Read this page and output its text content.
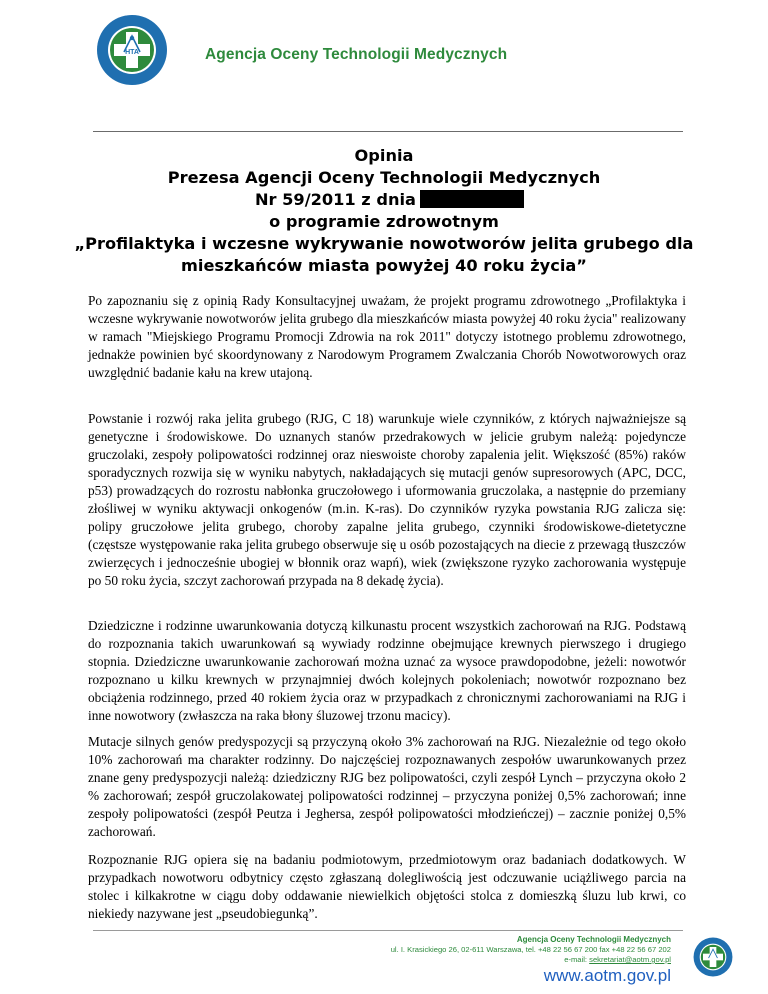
HTA	Agencja Oceny Technologii Medycznych
Opinia
Prezesa Agencji Oceny Technologii Medycznych
Nr 59/2011 z dnia
o programie zdrowotnym
„Profilaktyka i wczesne wykrywanie nowotworów jelita grubego dla
mieszkańców miasta powyżej 40 roku życia”
Po zapoznaniu się z opinią Rady Konsultacyjnej uważam, że projekt programu zdrowotnego „Profilaktyka i wczesne wykrywanie nowotworów jelita grubego dla mieszkańców miasta powyżej 40 roku życia" realizowany w ramach "Miejskiego Programu Promocji Zdrowia na rok 2011" dotyczy istotnego problemu zdrowotnego, jednakże powinien być skoordynowany z Narodowym Programem Zwalczania Chorób Nowotworowych oraz uwzględnić badanie kału na krew utajoną.
Powstanie i rozwój raka jelita grubego (RJG, C 18) warunkuje wiele czynników, z których najważniejsze są genetyczne i środowiskowe. Do uznanych stanów przedrakowych w jelicie grubym należą: pojedyncze gruczolaki, zespoły polipowatości rodzinnej oraz nieswoiste choroby zapalenia jelit. Większość (85%) raków sporadycznych rozwija się w wyniku nabytych, nakładających się mutacji genów supresorowych (APC, DCC, p53) prowadzących do rozrostu nabłonka gruczołowego i uformowania gruczolaka, a następnie do przemiany złośliwej w wyniku aktywacji onkogenów (m.in. K-ras). Do czynników ryzyka powstania RJG zalicza się: polipy gruczołowe jelita grubego, choroby zapalne jelita grubego, czynniki środowiskowe-dietetyczne (częstsze występowanie raka jelita grubego obserwuje się u osób pozostających na diecie z przewagą tłuszczów zwierzęcych i jednocześnie ubogiej w błonnik oraz wapń), wiek (zwiększone ryzyko zachorowania występuje po 50 roku życia, szczyt zachorowań przypada na 8 dekadę życia).
Dziedziczne i rodzinne uwarunkowania dotyczą kilkunastu procent wszystkich zachorowań na RJG. Podstawą do rozpoznania takich uwarunkowań są wywiady rodzinne obejmujące krewnych pierwszego i drugiego stopnia. Dziedziczne uwarunkowanie zachorowań można uznać za wysoce prawdopodobne, jeżeli: nowotwór rozpoznano u kilku krewnych w przynajmniej dwóch kolejnych pokoleniach; nowotwór rozpoznano bez obciążenia rodzinnego, przed 40 rokiem życia oraz w przypadkach z chronicznymi zachorowaniami na RJG i inne nowotwory (zwłaszcza na raka błony śluzowej trzonu macicy).
Mutacje silnych genów predyspozycji są przyczyną około 3% zachorowań na RJG. Niezależnie od tego około 10% zachorowań ma charakter rodzinny. Do najczęściej rozpoznawanych zespołów uwarunkowanych przez znane geny predyspozycji należą: dziedziczny RJG bez polipowatości, czyli zespół Lynch – przyczyna około 2 % zachorowań; zespół gruczolakowatej polipowatości rodzinnej – przyczyna poniżej 0,5% zachorowań; inne zespoły polipowatości (zespół Peutza i Jeghersa, zespół polipowatości młodzieńczej) – zacznie poniżej 0,5% zachorowań.
Rozpoznanie RJG opiera się na badaniu podmiotowym, przedmiotowym oraz badaniach dodatkowych. W przypadkach nowotworu odbytnicy często zgłaszaną dolegliwością jest odczuwanie uciążliwego parcia na stolec i kilkakrotne w ciągu doby oddawanie niewielkich objętości stolca z domieszką śluzu lub krwi, co niekiedy nazywane jest „pseudobiegunką”.
Agencja Oceny Technologii Medycznych
ul. I. Krasickiego 26, 02-611 Warszawa, tel. +48 22 56 67 200 fax +48 22 56 67 202
e-mail: sekretariat@aotm.gov.pl
www.aotm.gov.pl
